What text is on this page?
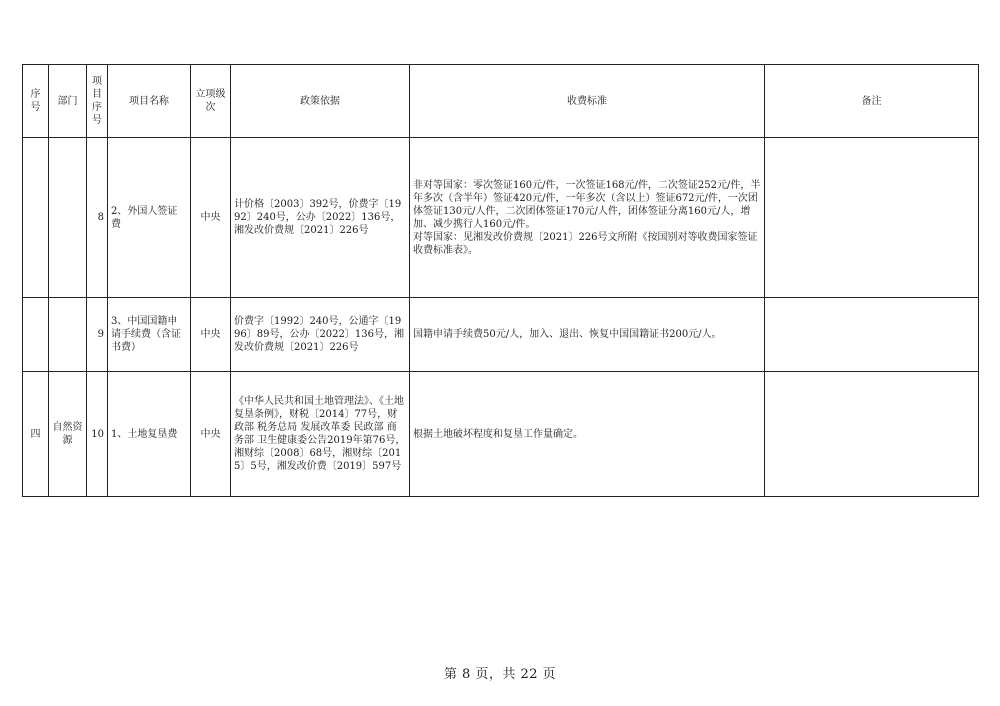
序号	部门	项目序号	项目名称	立项级次	政策依据	收费标准	备注
		8	2、外国人签证费	中央	计价格〔2003〕392号，价费字〔1992〕240号，公办〔2022〕136号，湘发改价费规〔2021〕226号	非对等国家：零次签证160元/件，一次签证168元/件，二次签证252元/件，半年多次（含半年）签证420元/件，一年多次（含以上）签证672元/件，一次团体签证130元/人件，二次团体签证170元/人件，团体签证分离160元/人，增加、减少携行人160元/件。
对等国家：见湘发改价费规〔2021〕226号文所附《按国别对等收费国家签证收费标准表》。	

		9	3、中国国籍申请手续费（含证书费）	中央	价费字〔1992〕240号，公通字〔1996〕89号，公办〔2022〕136号，湘发改价费规〔2021〕226号	国籍申请手续费50元/人，加入、退出、恢复中国国籍证书200元/人。	

四	自然资源	10	1、土地复垦费	中央	《中华人民共和国土地管理法》、《土地复垦条例》，财税〔2014〕77号，财政部 税务总局 发展改革委 民政部 商务部 卫生健康委公告2019年第76号，湘财综〔2008〕68号，湘财综〔2015〕5号，湘发改价费〔2019〕597号	根据土地破坏程度和复垦工作量确定。	

第 8 页，共 22 页
